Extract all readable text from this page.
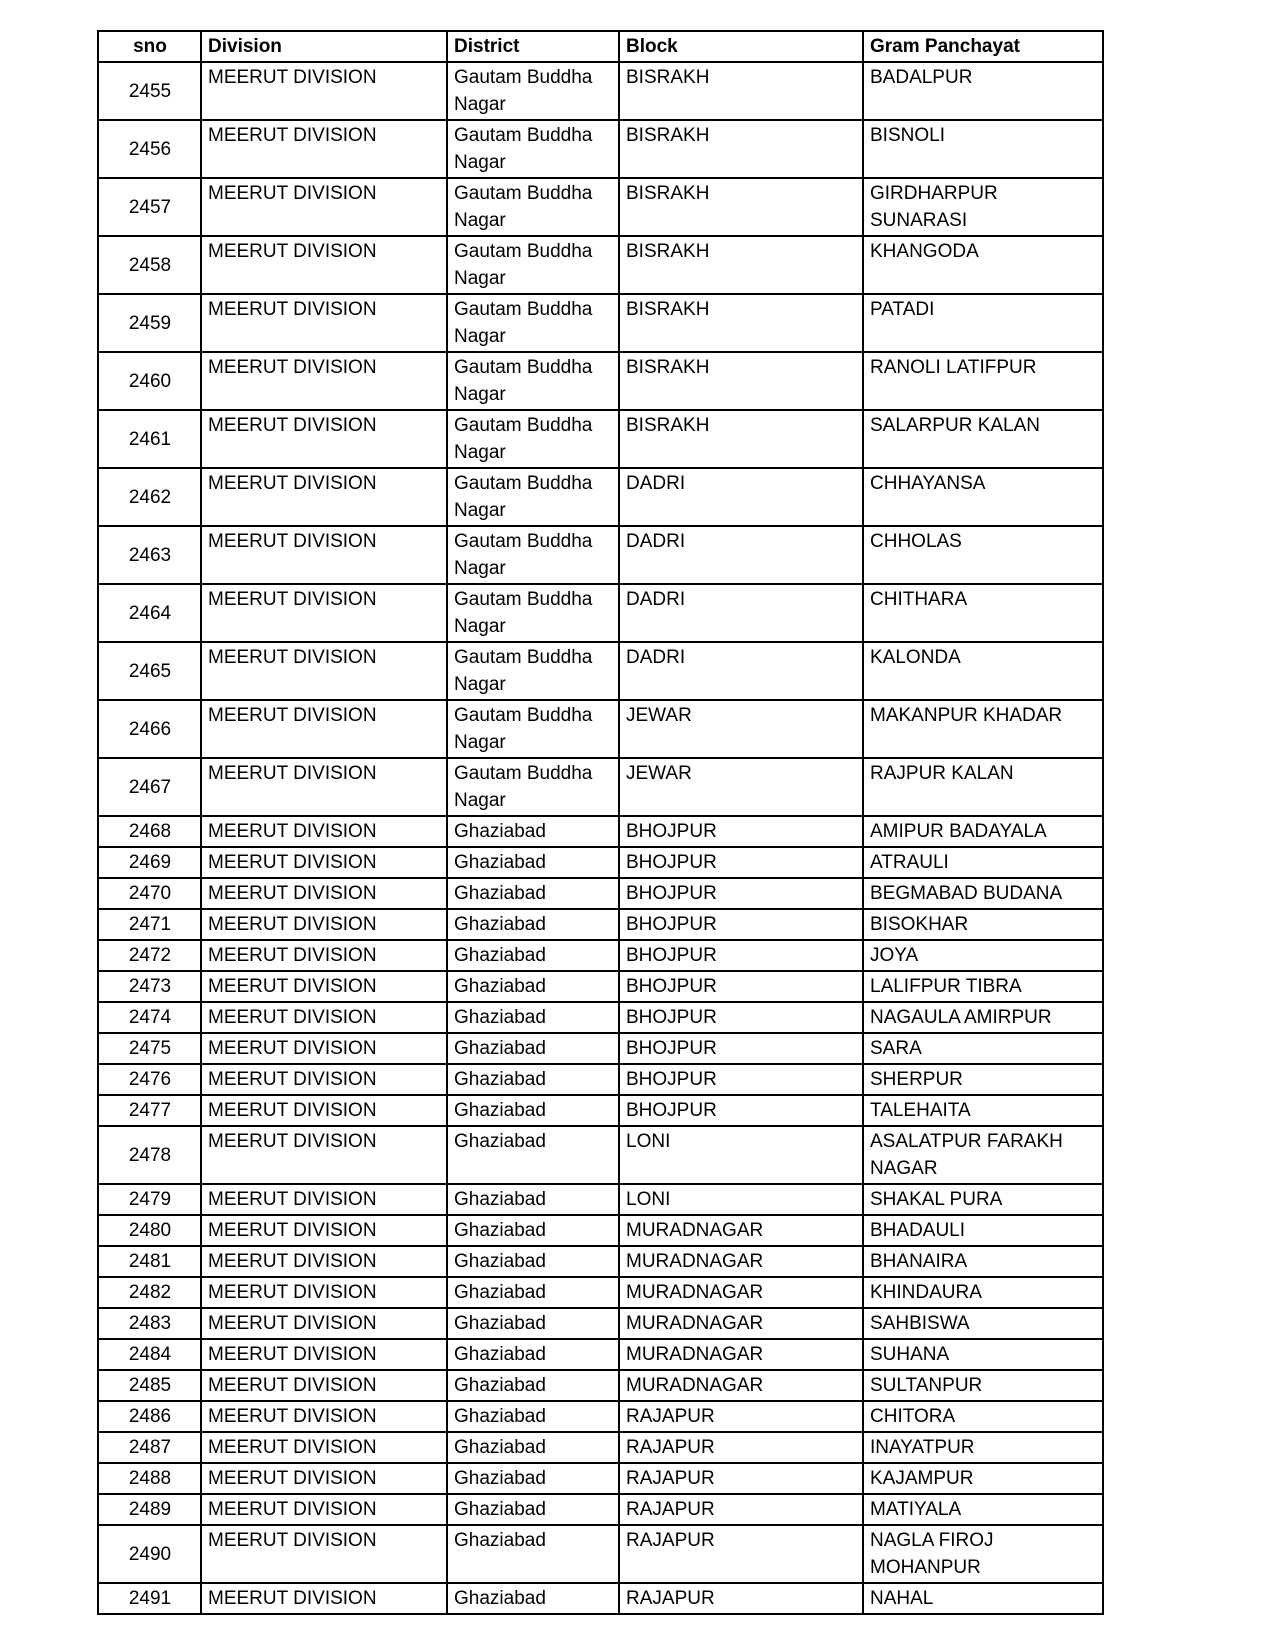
sno	Division	District	Block	Gram Panchayat
2455	MEERUT DIVISION	Gautam Buddha Nagar	BISRAKH	BADALPUR
2456	MEERUT DIVISION	Gautam Buddha Nagar	BISRAKH	BISNOLI
2457	MEERUT DIVISION	Gautam Buddha Nagar	BISRAKH	GIRDHARPUR SUNARASI
2458	MEERUT DIVISION	Gautam Buddha Nagar	BISRAKH	KHANGODA
2459	MEERUT DIVISION	Gautam Buddha Nagar	BISRAKH	PATADI
2460	MEERUT DIVISION	Gautam Buddha Nagar	BISRAKH	RANOLI LATIFPUR
2461	MEERUT DIVISION	Gautam Buddha Nagar	BISRAKH	SALARPUR KALAN
2462	MEERUT DIVISION	Gautam Buddha Nagar	DADRI	CHHAYANSA
2463	MEERUT DIVISION	Gautam Buddha Nagar	DADRI	CHHOLAS
2464	MEERUT DIVISION	Gautam Buddha Nagar	DADRI	CHITHARA
2465	MEERUT DIVISION	Gautam Buddha Nagar	DADRI	KALONDA
2466	MEERUT DIVISION	Gautam Buddha Nagar	JEWAR	MAKANPUR KHADAR
2467	MEERUT DIVISION	Gautam Buddha Nagar	JEWAR	RAJPUR KALAN
2468	MEERUT DIVISION	Ghaziabad	BHOJPUR	AMIPUR BADAYALA
2469	MEERUT DIVISION	Ghaziabad	BHOJPUR	ATRAULI
2470	MEERUT DIVISION	Ghaziabad	BHOJPUR	BEGMABAD BUDANA
2471	MEERUT DIVISION	Ghaziabad	BHOJPUR	BISOKHAR
2472	MEERUT DIVISION	Ghaziabad	BHOJPUR	JOYA
2473	MEERUT DIVISION	Ghaziabad	BHOJPUR	LALIFPUR TIBRA
2474	MEERUT DIVISION	Ghaziabad	BHOJPUR	NAGAULA AMIRPUR
2475	MEERUT DIVISION	Ghaziabad	BHOJPUR	SARA
2476	MEERUT DIVISION	Ghaziabad	BHOJPUR	SHERPUR
2477	MEERUT DIVISION	Ghaziabad	BHOJPUR	TALEHAITA
2478	MEERUT DIVISION	Ghaziabad	LONI	ASALATPUR FARAKH NAGAR
2479	MEERUT DIVISION	Ghaziabad	LONI	SHAKAL PURA
2480	MEERUT DIVISION	Ghaziabad	MURADNAGAR	BHADAULI
2481	MEERUT DIVISION	Ghaziabad	MURADNAGAR	BHANAIRA
2482	MEERUT DIVISION	Ghaziabad	MURADNAGAR	KHINDAURA
2483	MEERUT DIVISION	Ghaziabad	MURADNAGAR	SAHBISWA
2484	MEERUT DIVISION	Ghaziabad	MURADNAGAR	SUHANA
2485	MEERUT DIVISION	Ghaziabad	MURADNAGAR	SULTANPUR
2486	MEERUT DIVISION	Ghaziabad	RAJAPUR	CHITORA
2487	MEERUT DIVISION	Ghaziabad	RAJAPUR	INAYATPUR
2488	MEERUT DIVISION	Ghaziabad	RAJAPUR	KAJAMPUR
2489	MEERUT DIVISION	Ghaziabad	RAJAPUR	MATIYALA
2490	MEERUT DIVISION	Ghaziabad	RAJAPUR	NAGLA FIROJ MOHANPUR
2491	MEERUT DIVISION	Ghaziabad	RAJAPUR	NAHAL
